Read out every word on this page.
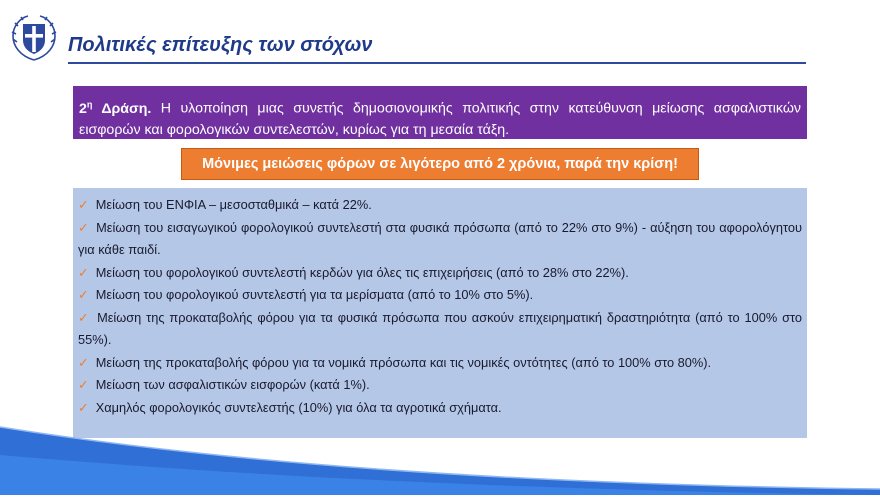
Πολιτικές επίτευξης των στόχων
$2^\eta$ Δράση. Η υλοποίηση μιας συνετής δημοσιονομικής πολιτικής στην κατεύθυνση μείωσης ασφαλιστικών εισφορών και φορολογικών συντελεστών, κυρίως για τη μεσαία τάξη.
Μόνιμες μειώσεις φόρων σε λιγότερο από 2 χρόνια, παρά την κρίση!
✓ Μείωση του ΕΝΦΙΑ – μεσοσταθμικά – κατά 22%.
✓ Μείωση του εισαγωγικού φορολογικού συντελεστή στα φυσικά πρόσωπα (από το 22% στο 9%) - αύξηση του αφορολόγητου για κάθε παιδί.
✓ Μείωση του φορολογικού συντελεστή κερδών για όλες τις επιχειρήσεις (από το 28% στο 22%).
✓ Μείωση του φορολογικού συντελεστή για τα μερίσματα (από το 10% στο 5%).
✓ Μείωση της προκαταβολής φόρου για τα φυσικά πρόσωπα που ασκούν επιχειρηματική δραστηριότητα (από το 100% στο 55%).
✓ Μείωση της προκαταβολής φόρου για τα νομικά πρόσωπα και τις νομικές οντότητες (από το 100% στο 80%).
✓ Μείωση των ασφαλιστικών εισφορών (κατά 1%).
✓ Χαμηλός φορολογικός συντελεστής (10%) για όλα τα αγροτικά σχήματα.
